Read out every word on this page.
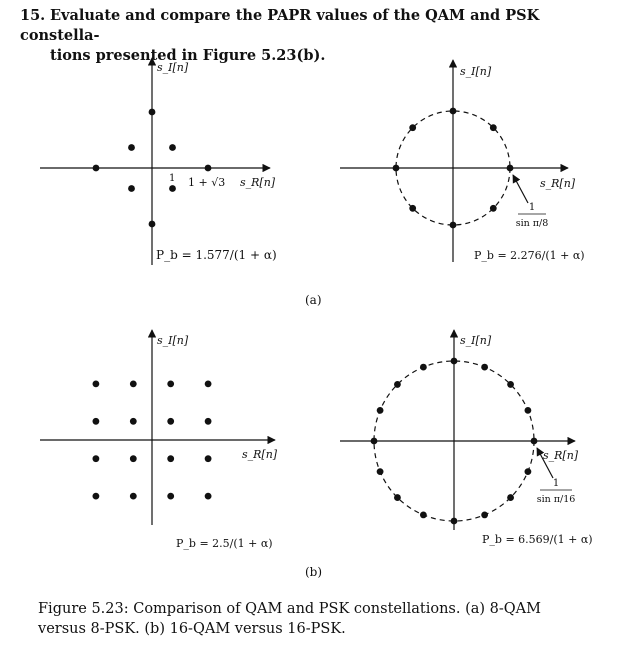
15. Evaluate and compare the PAPR values of the QAM and PSK constella-
tions presented in Figure 5.23(b).
s_I[n]
s_R[n]
1 1 + √3
P_b = 1.577/(1 + α)
s_I[n]
s_R[n]
1
sin π/8
P_b = 2.276/(1 + α)
(a)
s_I[n]
s_R[n]
P_b = 2.5/(1 + α)
s_I[n]
s_R[n]
1
sin π/16
P_b = 6.569/(1 + α)
(b)
Figure 5.23: Comparison of QAM and PSK constellations. (a) 8-QAM
versus 8-PSK. (b) 16-QAM versus 16-PSK.
